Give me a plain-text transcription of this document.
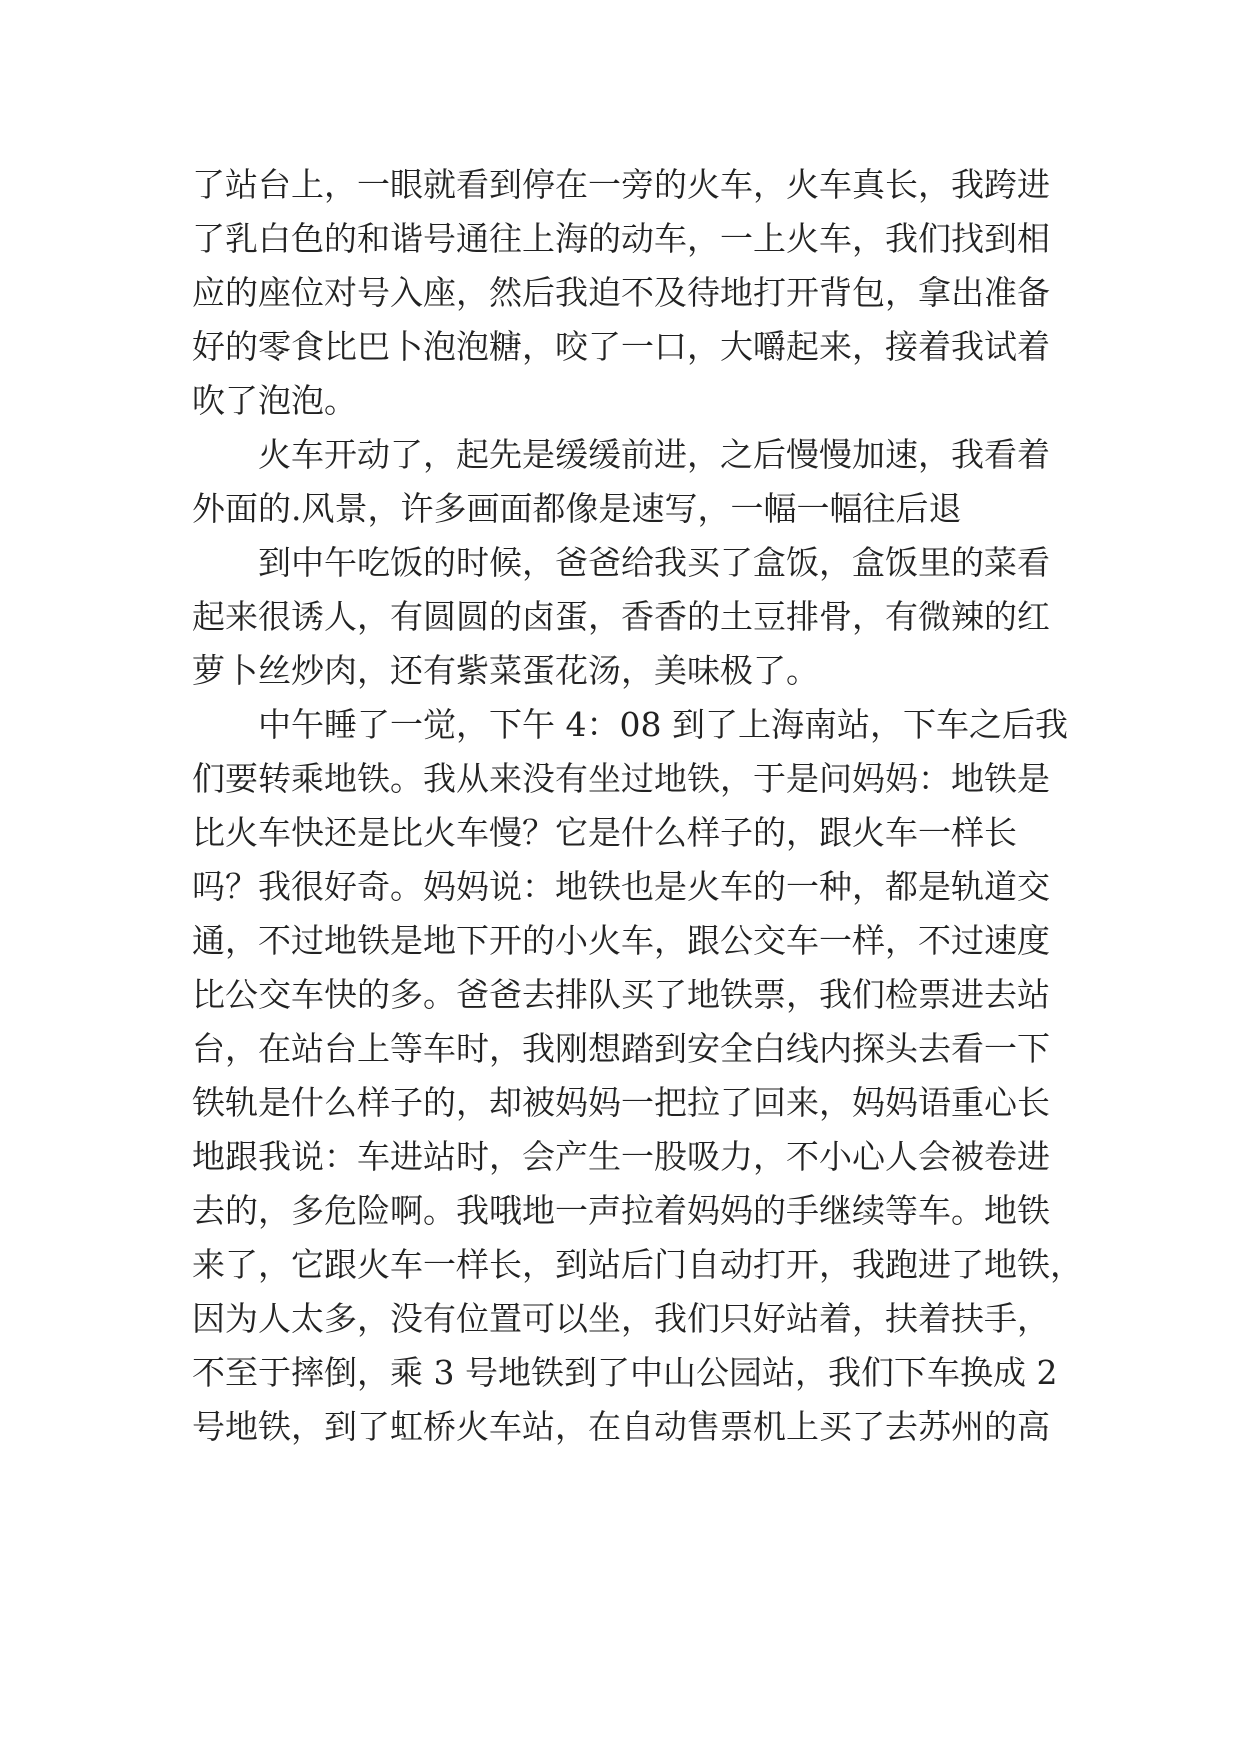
了站台上，一眼就看到停在一旁的火车，火车真长，我跨进
了乳白色的和谐号通往上海的动车，一上火车，我们找到相
应的座位对号入座，然后我迫不及待地打开背包，拿出准备
好的零食比巴卜泡泡糖，咬了一口，大嚼起来，接着我试着
吹了泡泡。
火车开动了，起先是缓缓前进，之后慢慢加速，我看着
外面的.风景，许多画面都像是速写，一幅一幅往后退
到中午吃饭的时候，爸爸给我买了盒饭，盒饭里的菜看
起来很诱人，有圆圆的卤蛋，香香的土豆排骨，有微辣的红
萝卜丝炒肉，还有紫菜蛋花汤，美味极了。
中午睡了一觉，下午 4：08 到了上海南站，下车之后我
们要转乘地铁。我从来没有坐过地铁，于是问妈妈：地铁是
比火车快还是比火车慢？它是什么样子的，跟火车一样长
吗？我很好奇。妈妈说：地铁也是火车的一种，都是轨道交
通，不过地铁是地下开的小火车，跟公交车一样，不过速度
比公交车快的多。爸爸去排队买了地铁票，我们检票进去站
台，在站台上等车时，我刚想踏到安全白线内探头去看一下
铁轨是什么样子的，却被妈妈一把拉了回来，妈妈语重心长
地跟我说：车进站时，会产生一股吸力，不小心人会被卷进
去的，多危险啊。我哦地一声拉着妈妈的手继续等车。地铁
来了，它跟火车一样长，到站后门自动打开，我跑进了地铁，
因为人太多，没有位置可以坐，我们只好站着，扶着扶手，
不至于摔倒，乘 3 号地铁到了中山公园站，我们下车换成 2
号地铁，到了虹桥火车站，在自动售票机上买了去苏州的高
